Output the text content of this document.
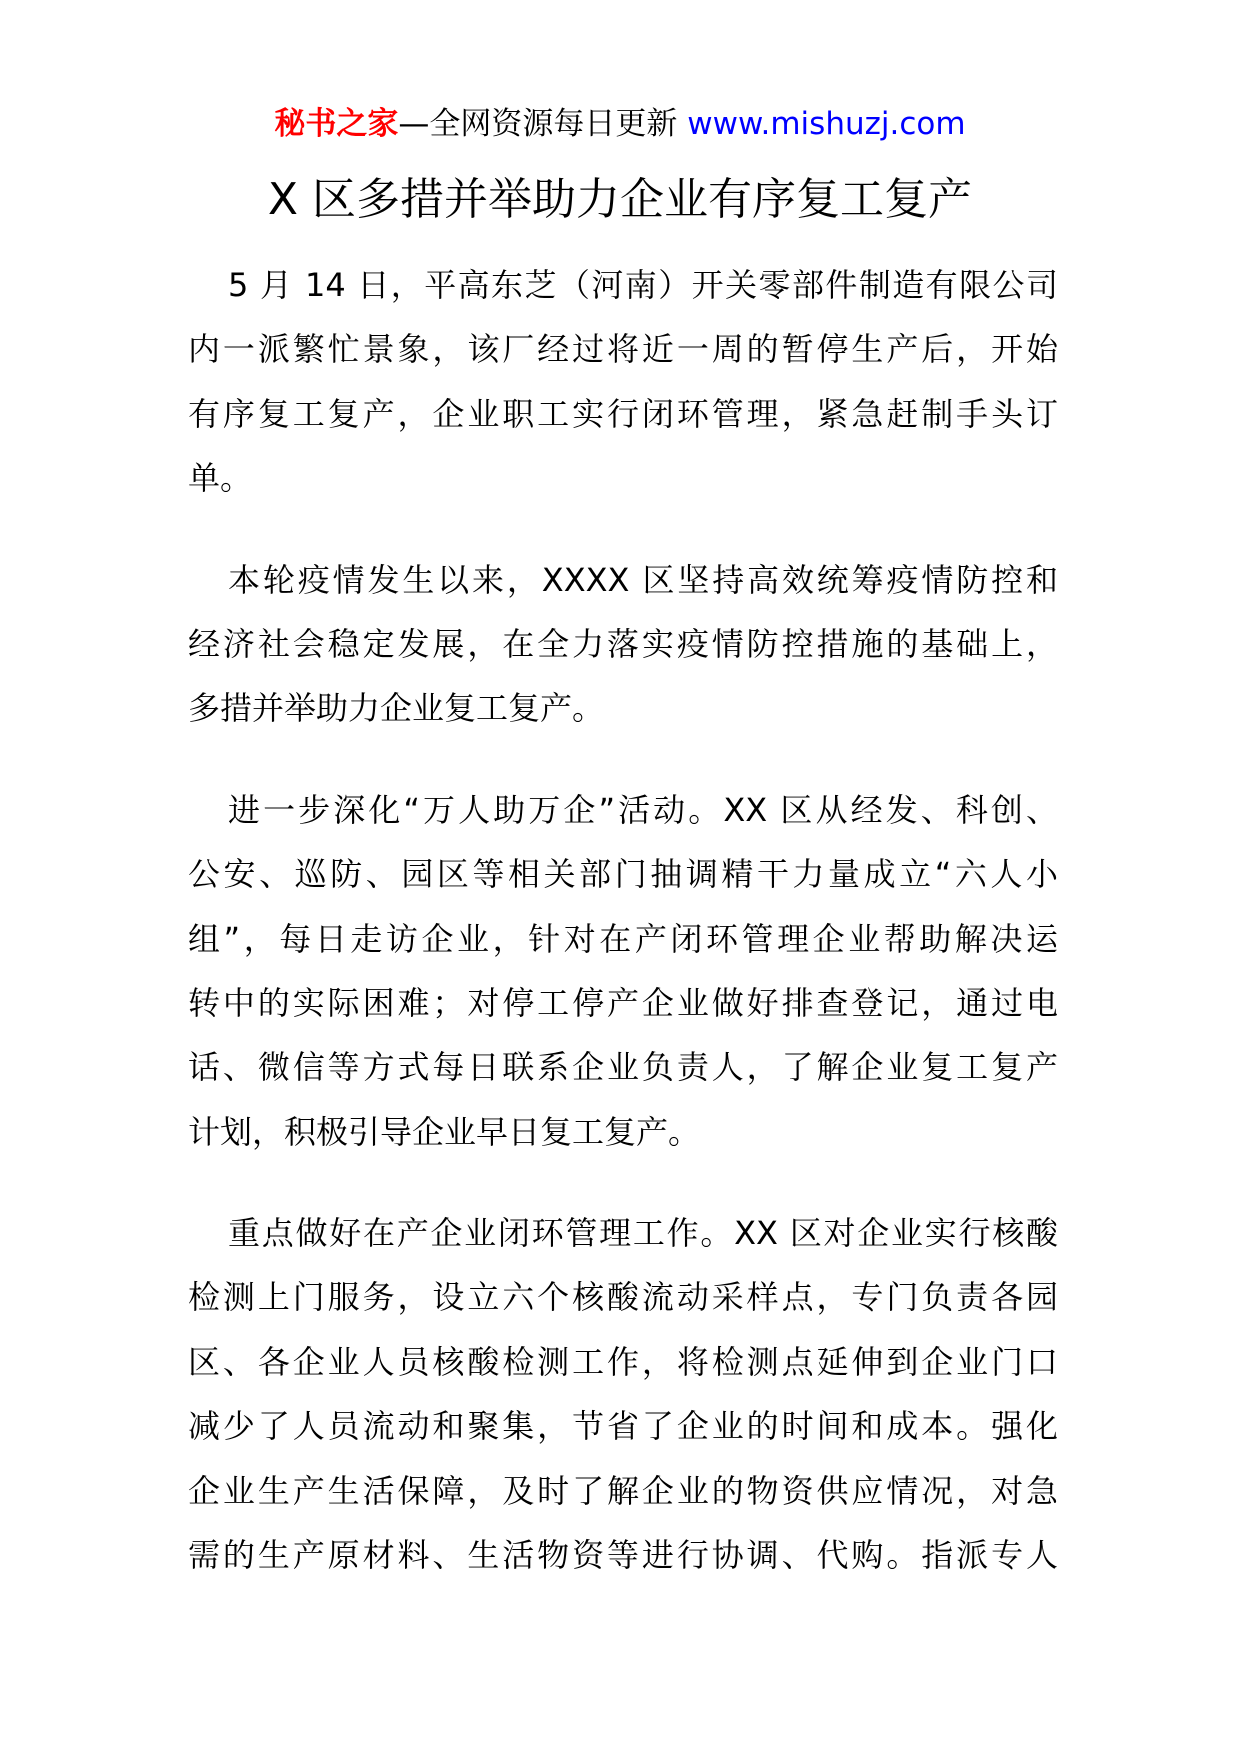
秘书之家—全网资源每日更新 www.mishuzj.com
X 区多措并举助力企业有序复工复产
5 月 14 日，平高东芝（河南）开关零部件制造有限公司
内一派繁忙景象，该厂经过将近一周的暂停生产后，开始
有序复工复产，企业职工实行闭环管理，紧急赶制手头订
单。
本轮疫情发生以来，XXXX 区坚持高效统筹疫情防控和
经济社会稳定发展，在全力落实疫情防控措施的基础上，
多措并举助力企业复工复产。
进一步深化“万人助万企”活动。XX 区从经发、科创、
公安、巡防、园区等相关部门抽调精干力量成立“六人小
组”，每日走访企业，针对在产闭环管理企业帮助解决运
转中的实际困难；对停工停产企业做好排查登记，通过电
话、微信等方式每日联系企业负责人，了解企业复工复产
计划，积极引导企业早日复工复产。
重点做好在产企业闭环管理工作。XX 区对企业实行核酸
检测上门服务，设立六个核酸流动采样点，专门负责各园
区、各企业人员核酸检测工作，将检测点延伸到企业门口
减少了人员流动和聚集，节省了企业的时间和成本。强化
企业生产生活保障，及时了解企业的物资供应情况，对急
需的生产原材料、生活物资等进行协调、代购。指派专人
